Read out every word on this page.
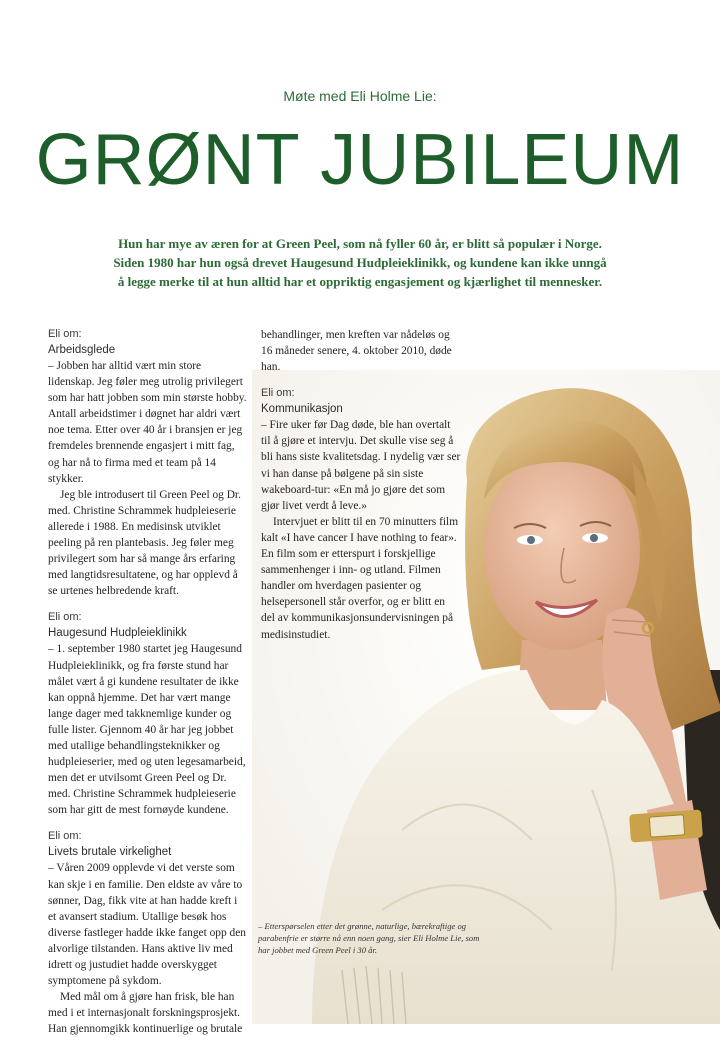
Møte med Eli Holme Lie:
GRØNT JUBILEUM

Hun har mye av æren for at Green Peel, som nå fyller 60 år, er blitt så populær i Norge. Siden 1980 har hun også drevet Haugesund Hudpleieklinikk, og kundene kan ikke unngå å legge merke til at hun alltid har et oppriktig engasjement og kjærlighet til mennesker.

Eli om:
Arbeidsglede

– Jobben har alltid vært min store lidenskap. Jeg føler meg utrolig privilegert som har hatt jobben som min største hobby. Antall arbeidstimer i døgnet har aldri vært noe tema. Etter over 40 år i bransjen er jeg fremdeles brennende engasjert i mitt fag, og har nå to firma med et team på 14 stykker.

Jeg ble introdusert til Green Peel og Dr. med. Christine Schrammek hudpleieserie allerede i 1988. En medisinsk utviklet peeling på ren plantebasis. Jeg føler meg privilegert som har så mange års erfaring med langtidsresultatene, og har opplevd å se urtenes helbredende kraft.

Eli om:
Haugesund Hudpleieklinikk

– 1. september 1980 startet jeg Haugesund Hudpleieklinikk, og fra første stund har målet vært å gi kundene resultater de ikke kan oppnå hjemme. Det har vært mange lange dager med takknemlige kunder og fulle lister. Gjennom 40 år har jeg jobbet med utallige behandlingsteknikker og hudpleieserier, med og uten legesamarbeid, men det er utvilsomt Green Peel og Dr. med. Christine Schrammek hudpleieserie som har gitt de mest fornøyde kundene.

Eli om:
Livets brutale virkelighet

– Våren 2009 opplevde vi det verste som kan skje i en familie. Den eldste av våre to sønner, Dag, fikk vite at han hadde kreft i et avansert stadium. Utallige besøk hos diverse fastleger hadde ikke fanget opp den alvorlige tilstanden. Hans aktive liv med idrett og justudiet hadde overskygget symptomene på sykdom.

Med mål om å gjøre han frisk, ble han med i et internasjonalt forskningsprosjekt. Han gjennomgikk kontinuerlige og brutale

behandlinger, men kreften var nådeløs og 16 måneder senere, 4. oktober 2010, døde han.

Eli om:
Kommunikasjon

– Fire uker før Dag døde, ble han overtalt til å gjøre et intervju. Det skulle vise seg å bli hans siste kvalitetsdag. I nydelig vær ser vi han danse på bølgene på sin siste wakeboard-tur: «En må jo gjøre det som gjør livet verdt å leve.»

Intervjuet er blitt til en 70 minutters film kalt «I have cancer I have nothing to fear». En film som er etterspurt i forskjellige sammenhenger i inn- og utland. Filmen handler om hverdagen pasienter og helsepersonell står overfor, og er blitt en del av kommunikasjonsundervisningen på medisinstudiet.

– Etterspørselen etter det grønne, naturlige, bærekraftige og parabenfrie er større nå enn noen gang, sier Eli Holme Lie, som har jobbet med Green Peel i 30 år.
